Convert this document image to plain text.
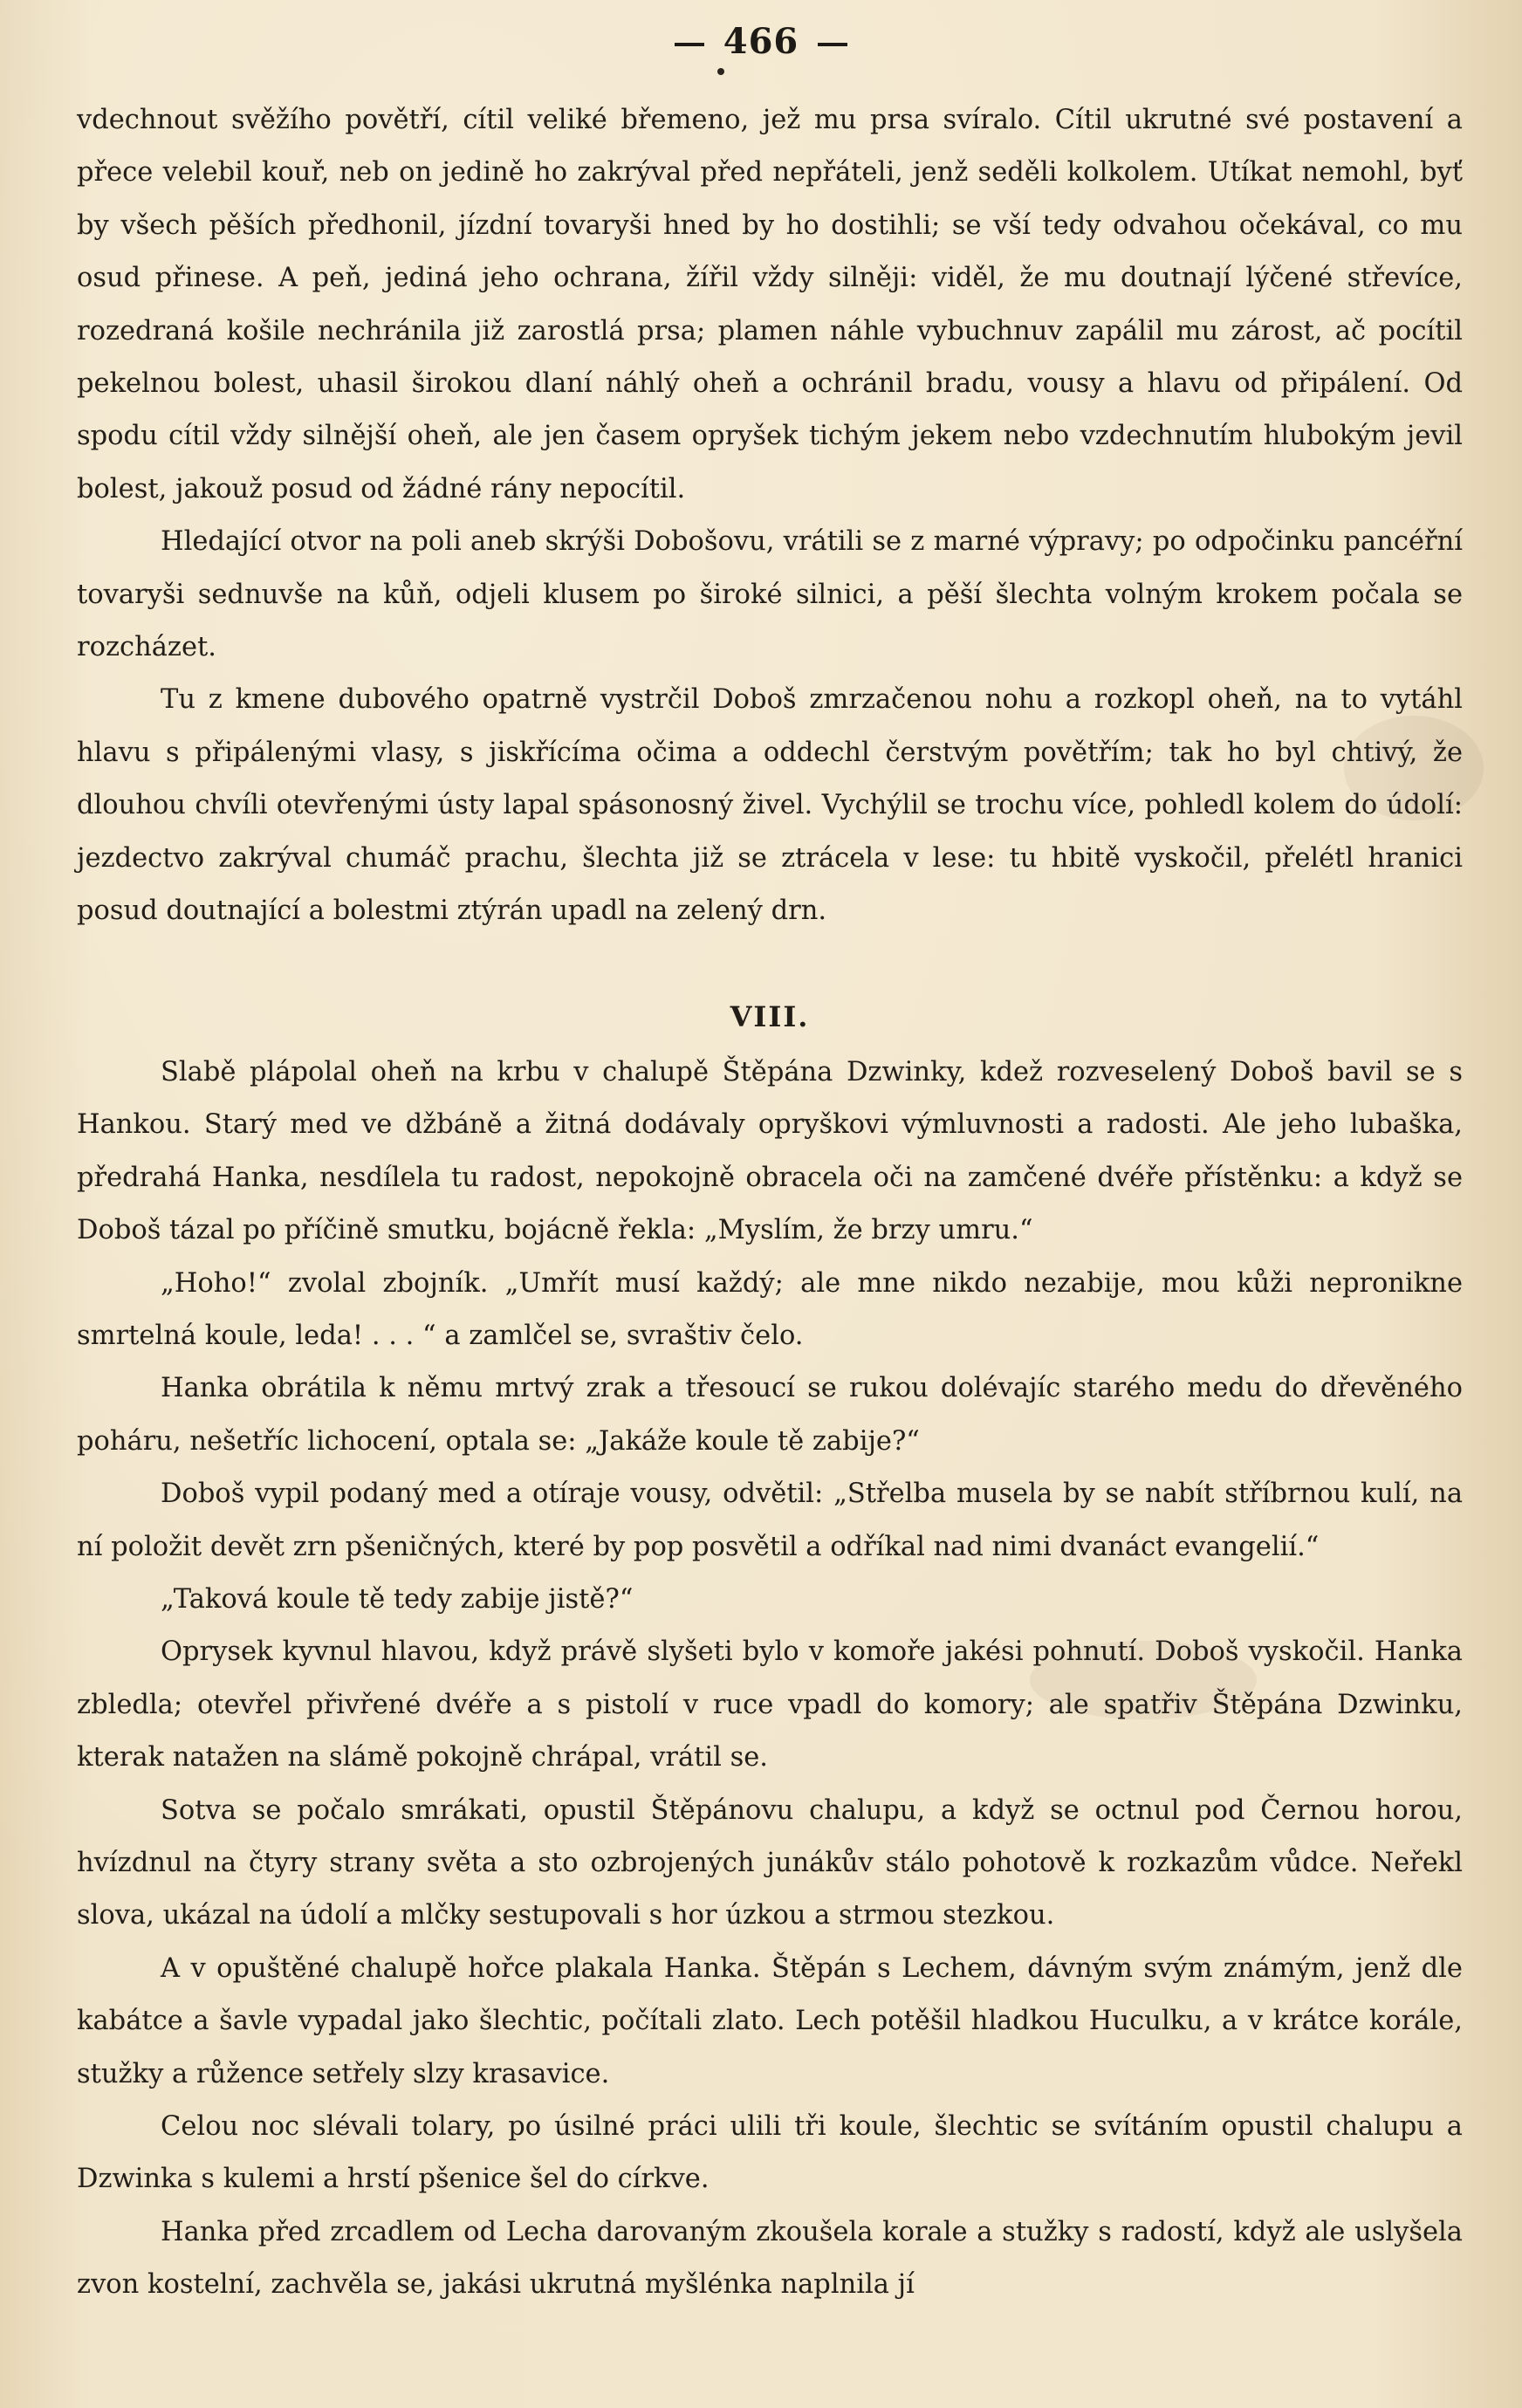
466

vdechnout svěžího povětří, cítil veliké břemeno, jež mu prsa svíralo. Cítil ukrutné své postavení a přece velebil kouř, neb on jedině ho zakrýval před nepřáteli, jenž seděli kolkolem. Utíkat nemohl, byť by všech pěších předhonil, jízdní tovaryši hned by ho dostihli; se vší tedy odvahou očekával, co mu osud přinese. A peň, jediná jeho ochrana, žířil vždy silněji: viděl, že mu doutnají lýčené střevíce, rozedraná košile nechránila již zarostlá prsa; plamen náhle vybuchnuv zapálil mu zárost, ač pocítil pekelnou bolest, uhasil širokou dlaní náhlý oheň a ochránil bradu, vousy a hlavu od připálení. Od spodu cítil vždy silnější oheň, ale jen časem opryšek tichým jekem nebo vzdechnutím hlubokým jevil bolest, jakouž posud od žádné rány nepocítil.

Hledající otvor na poli aneb skrýši Dobošovu, vrátili se z marné výpravy; po odpočinku pancéřní tovaryši sednuvše na kůň, odjeli klusem po široké silnici, a pěší šlechta volným krokem počala se rozcházet.

Tu z kmene dubového opatrně vystrčil Doboš zmrzačenou nohu a rozkopl oheň, na to vytáhl hlavu s připálenými vlasy, s jiskřícíma očima a oddechl čerstvým povětřím; tak ho byl chtivý, že dlouhou chvíli otevřenými ústy lapal spásonosný živel. Vychýlil se trochu více, pohledl kolem do údolí: jezdectvo zakrýval chumáč prachu, šlechta již se ztrácela v lese: tu hbitě vyskočil, přelétl hranici posud doutnající a bolestmi ztýrán upadl na zelený drn.

VIII.

Slabě plápolal oheň na krbu v chalupě Štěpána Dzwinky, kdež rozveselený Doboš bavil se s Hankou. Starý med ve džbáně a žitná dodávaly opryškovi výmluvnosti a radosti. Ale jeho lubaška, předrahá Hanka, nesdílela tu radost, nepokojně obracela oči na zamčené dvéře přístěnku: a když se Doboš tázal po příčině smutku, bojácně řekla: „Myslím, že brzy umru.“

„Hoho!“ zvolal zbojník. „Umřít musí každý; ale mne nikdo nezabije, mou kůži nepronikne smrtelná koule, leda! . . . “ a zamlčel se, svraštiv čelo.

Hanka obrátila k němu mrtvý zrak a třesoucí se rukou dolévajíc starého medu do dřevěného poháru, nešetříc lichocení, optala se: „Jakáže koule tě zabije?“

Doboš vypil podaný med a otíraje vousy, odvětil: „Střelba musela by se nabít stříbrnou kulí, na ní položit devět zrn pšeničných, které by pop posvětil a odříkal nad nimi dvanáct evangelií.“

„Taková koule tě tedy zabije jistě?“

Oprysek kyvnul hlavou, když právě slyšeti bylo v komoře jakési pohnutí. Doboš vyskočil. Hanka zbledla; otevřel přivřené dvéře a s pistolí v ruce vpadl do komory; ale spatřiv Štěpána Dzwinku, kterak natažen na slámě pokojně chrápal, vrátil se.

Sotva se počalo smrákati, opustil Štěpánovu chalupu, a když se octnul pod Černou horou, hvízdnul na čtyry strany světa a sto ozbrojených junákův stálo pohotově k rozkazům vůdce. Neřekl slova, ukázal na údolí a mlčky sestupovali s hor úzkou a strmou stezkou.

A v opuštěné chalupě hořce plakala Hanka. Štěpán s Lechem, dávným svým známým, jenž dle kabátce a šavle vypadal jako šlechtic, počítali zlato. Lech potěšil hladkou Huculku, a v krátce korále, stužky a růžence setřely slzy krasavice.

Celou noc slévali tolary, po úsilné práci ulili tři koule, šlechtic se svítáním opustil chalupu a Dzwinka s kulemi a hrstí pšenice šel do církve.

Hanka před zrcadlem od Lecha darovaným zkoušela korale a stužky s radostí, když ale uslyšela zvon kostelní, zachvěla se, jakási ukrutná myšlénka naplnila jí
